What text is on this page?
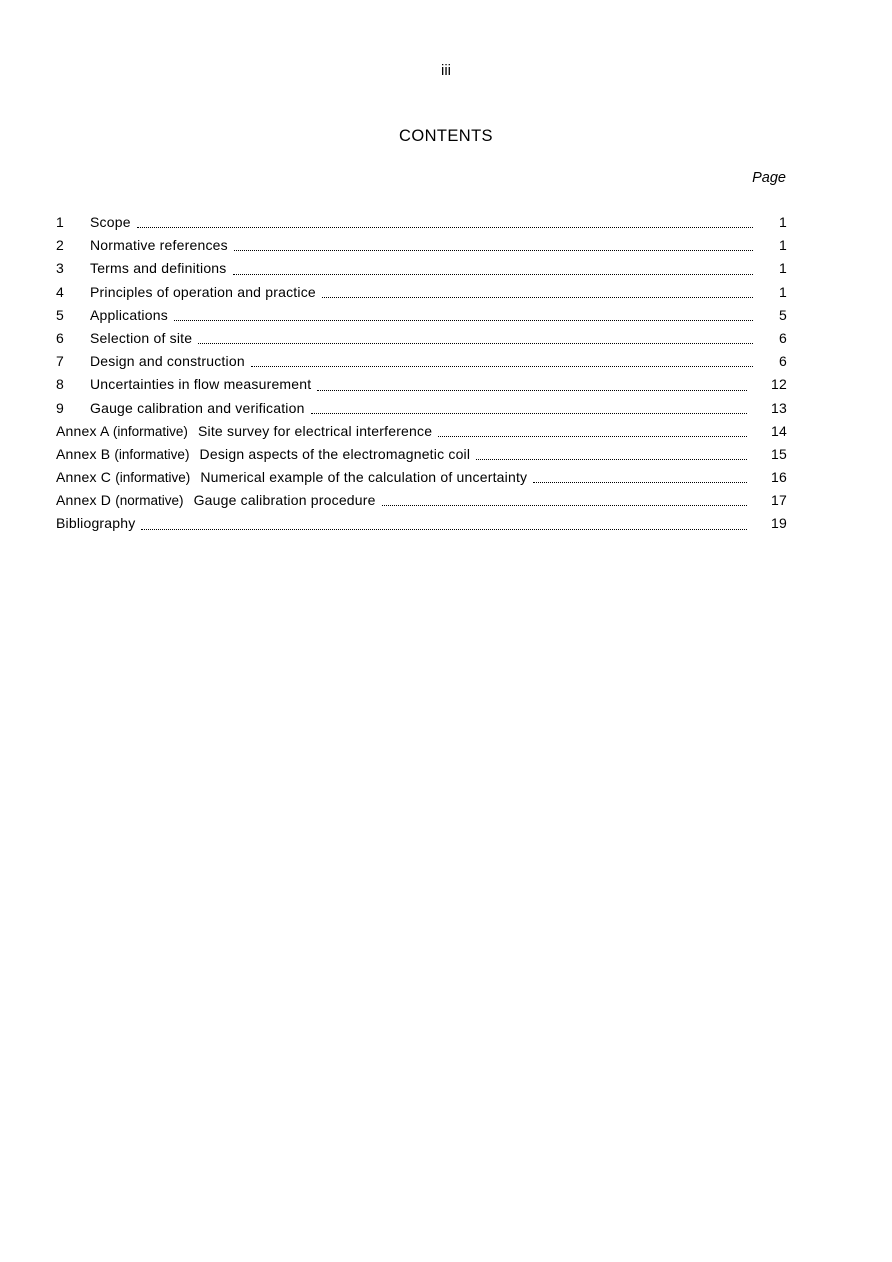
iii
CONTENTS
Page
1	Scope	1
2	Normative references	1
3	Terms and definitions	1
4	Principles of operation and practice	1
5	Applications	5
6	Selection of site	6
7	Design and construction	6
8	Uncertainties in flow measurement	12
9	Gauge calibration and verification	13
Annex A (informative) Site survey for electrical interference	14
Annex B (informative) Design aspects of the electromagnetic coil	15
Annex C (informative) Numerical example of the calculation of uncertainty	16
Annex D (normative) Gauge calibration procedure	17
Bibliography	19
